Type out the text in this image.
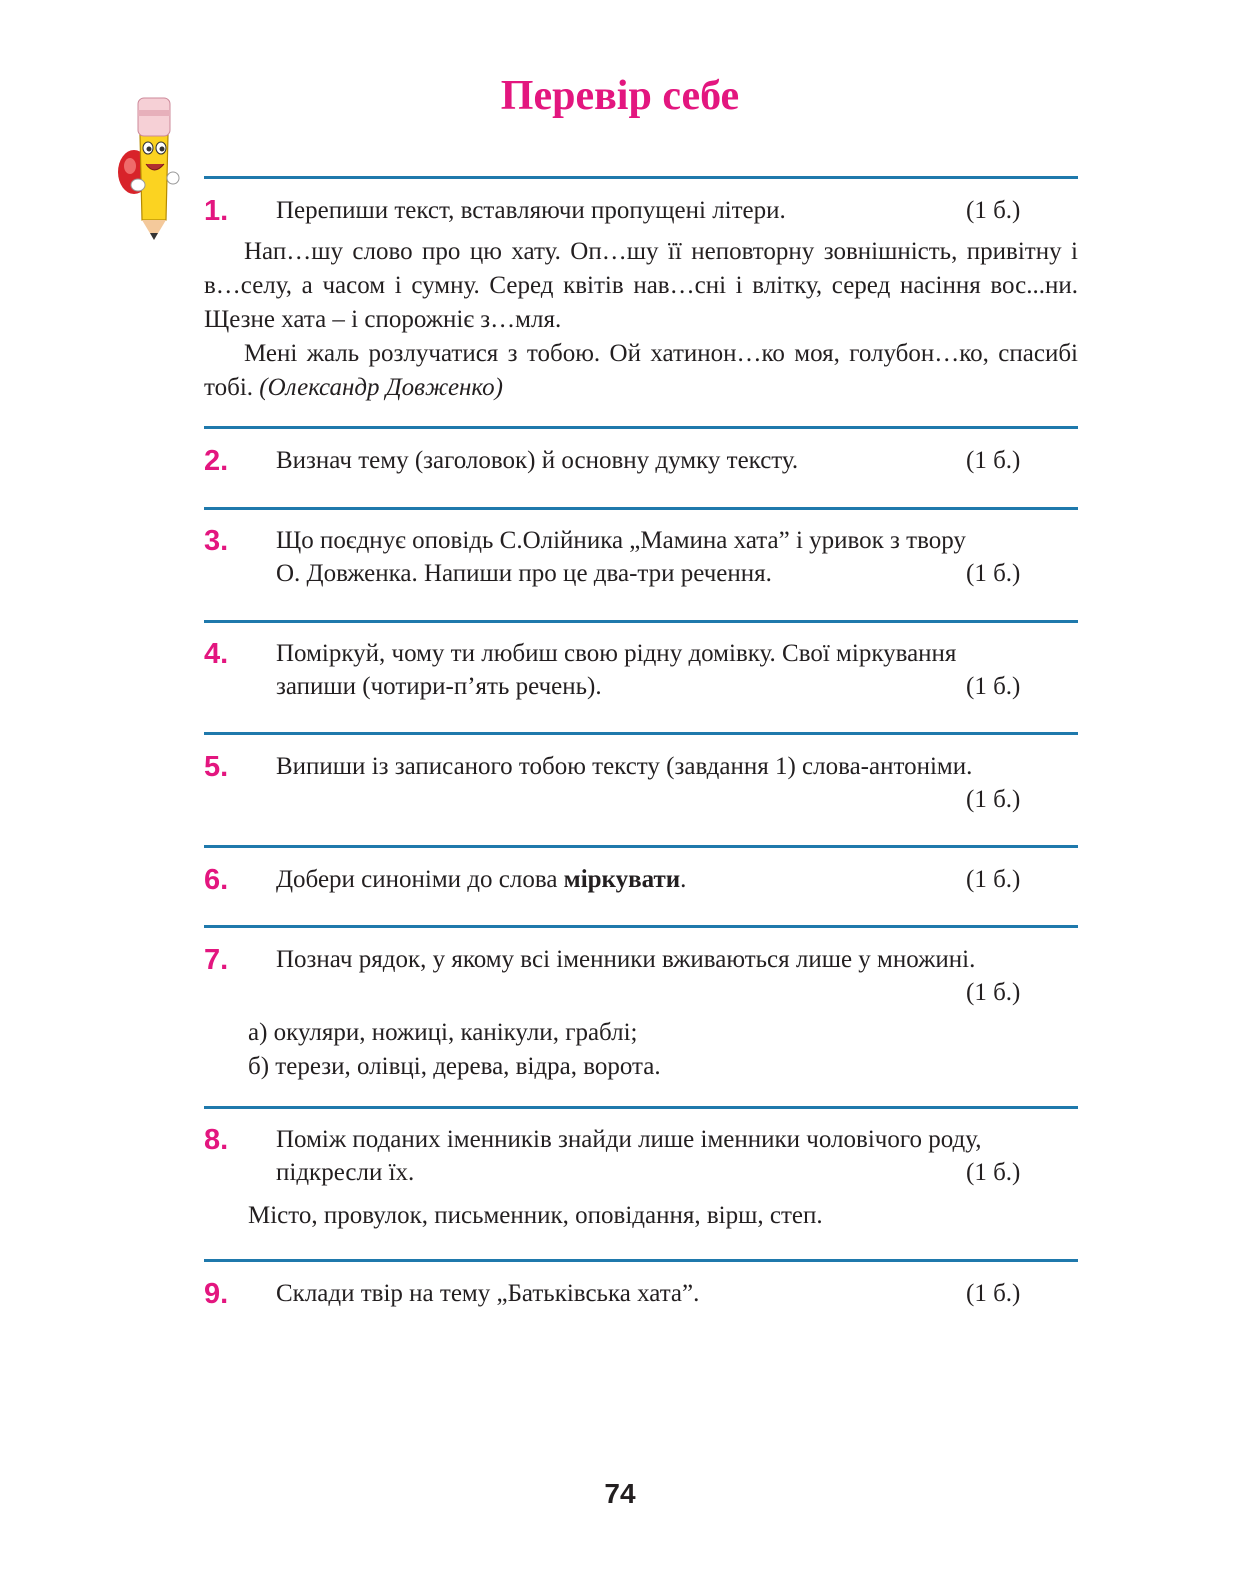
Перевір себе
1. Перепиши текст, вставляючи пропущені літери.	(1 б.)
Нап…шу слово про цю хату. Оп…шу її неповторну зовнішність, привітну і в…селу, а часом і сумну. Серед квітів нав…сні і влітку, серед насіння вос...ни. Щезне хата – і спорожніє з…мля.
Мені жаль розлучатися з тобою. Ой хатинон…ко моя, голубон…ко, спасибі тобі. (Олександр Довженко)
2. Визнач тему (заголовок) й основну думку тексту.	(1 б.)
3. Що поєднує оповідь С.Олійника „Мамина хата” і уривок з твору
О. Довженка. Напиши про це два-три речення.	(1 б.)
4. Поміркуй, чому ти любиш свою рідну домівку. Свої міркування
запиши (чотири-п’ять речень).	(1 б.)
5. Випиши із записаного тобою тексту (завдання 1) слова-антоніми.
(1 б.)
6. Добери синоніми до слова міркувати.	(1 б.)
7. Познач рядок, у якому всі іменники вживаються лише у множині.
(1 б.)
а) окуляри, ножиці, канікули, граблі;
б) терези, олівці, дерева, відра, ворота.
8. Поміж поданих іменників знайди лише іменники чоловічого роду,
підкресли їх.	(1 б.)
Місто, провулок, письменник, оповідання, вірш, степ.
9. Склади твір на тему „Батьківська хата”.	(1 б.)
74
